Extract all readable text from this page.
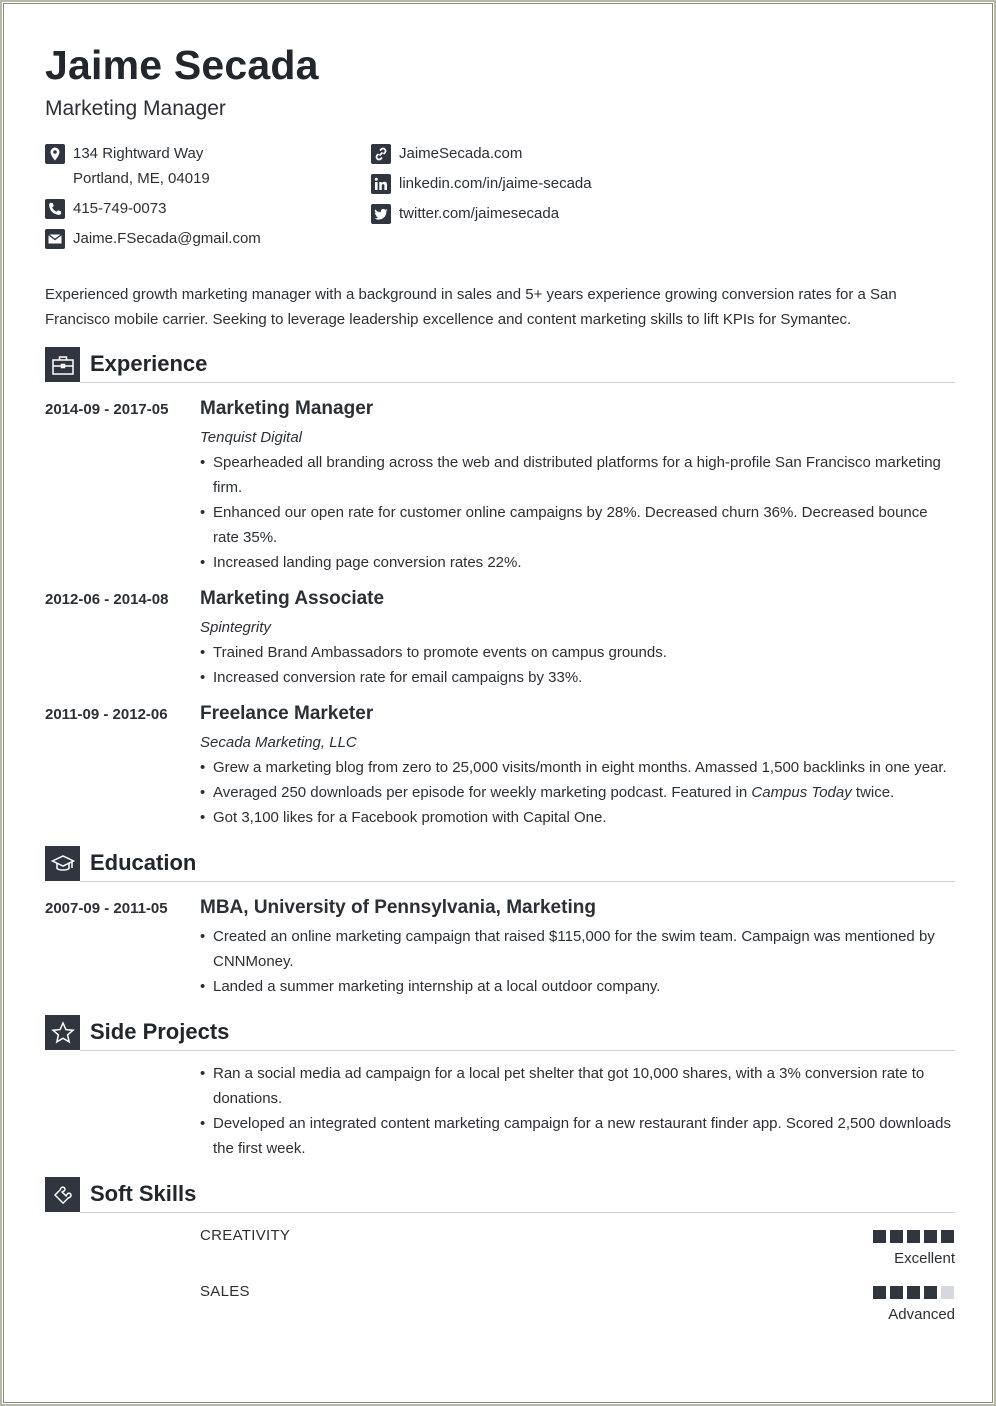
Jaime Secada
Marketing Manager
134 Rightward Way
Portland, ME, 04019
415-749-0073
Jaime.FSecada@gmail.com
JaimeSecada.com
linkedin.com/in/jaime-secada
twitter.com/jaimesecada
Experienced growth marketing manager with a background in sales and 5+ years experience growing conversion rates for a San Francisco mobile carrier. Seeking to leverage leadership excellence and content marketing skills to lift KPIs for Symantec.
Experience
2014-09 - 2017-05 Marketing Manager
Tenquist Digital
• Spearheaded all branding across the web and distributed platforms for a high-profile San Francisco marketing firm.
• Enhanced our open rate for customer online campaigns by 28%. Decreased churn 36%. Decreased bounce rate 35%.
• Increased landing page conversion rates 22%.
2012-06 - 2014-08 Marketing Associate
Spintegrity
• Trained Brand Ambassadors to promote events on campus grounds.
• Increased conversion rate for email campaigns by 33%.
2011-09 - 2012-06 Freelance Marketer
Secada Marketing, LLC
• Grew a marketing blog from zero to 25,000 visits/month in eight months. Amassed 1,500 backlinks in one year.
• Averaged 250 downloads per episode for weekly marketing podcast. Featured in Campus Today twice.
• Got 3,100 likes for a Facebook promotion with Capital One.
Education
2007-09 - 2011-05 MBA, University of Pennsylvania, Marketing
• Created an online marketing campaign that raised $115,000 for the swim team. Campaign was mentioned by CNNMoney.
• Landed a summer marketing internship at a local outdoor company.
Side Projects
• Ran a social media ad campaign for a local pet shelter that got 10,000 shares, with a 3% conversion rate to donations.
• Developed an integrated content marketing campaign for a new restaurant finder app. Scored 2,500 downloads the first week.
Soft Skills
CREATIVITY
Excellent
SALES
Advanced
